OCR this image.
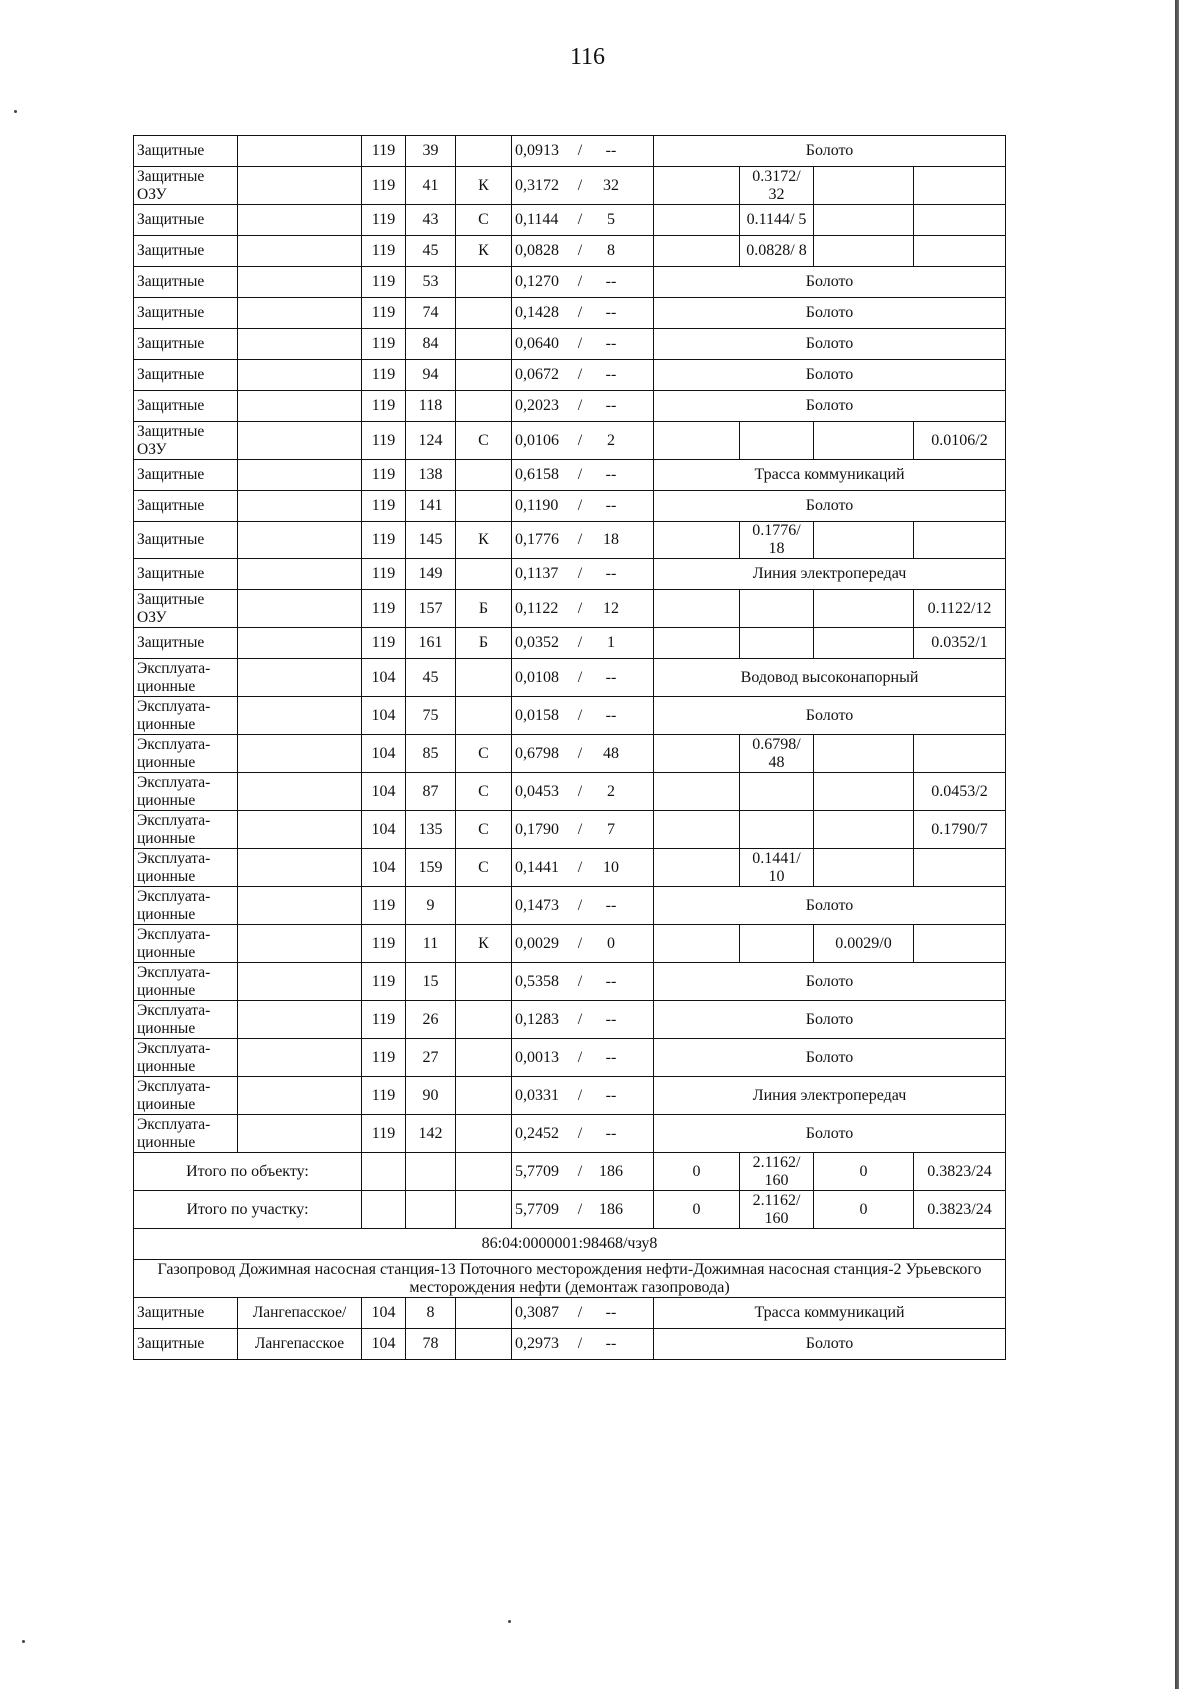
116
Защитные		119	39		0,0913 / --	Болото			
Защитные ОЗУ		119	41	К	0,3172 / 32		0.3172/ 32		
Защитные		119	43	С	0,1144 / 5		0.1144/ 5		
Защитные		119	45	К	0,0828 / 8		0.0828/ 8		
Защитные		119	53		0,1270 / --	Болото			
Защитные		119	74		0,1428 / --	Болото			
Защитные		119	84		0,0640 / --	Болото			
Защитные		119	94		0,0672 / --	Болото			
Защитные		119	118		0,2023 / --	Болото			
Защитные ОЗУ		119	124	С	0,0106 / 2				0.0106/2
Защитные		119	138		0,6158 / --	Трасса коммуникаций			
Защитные		119	141		0,1190 / --	Болото			
Защитные		119	145	К	0,1776 / 18		0.1776/ 18		
Защитные		119	149		0,1137 / --	Линия электропередач			
Защитные ОЗУ		119	157	Б	0,1122 / 12				0.1122/12
Защитные		119	161	Б	0,0352 / 1				0.0352/1
Эксплуата- ционные		104	45		0,0108 / --	Водовод высоконапорный			
Эксплуата- ционные		104	75		0,0158 / --	Болото			
Эксплуата- ционные		104	85	С	0,6798 / 48		0.6798/ 48		
Эксплуата- ционные		104	87	С	0,0453 / 2				0.0453/2
Эксплуата- ционные		104	135	С	0,1790 / 7				0.1790/7
Эксплуата- ционные		104	159	С	0,1441 / 10		0.1441/ 10		
Эксплуата- ционные		119	9		0,1473 / --	Болото			
Эксплуата- ционные		119	11	К	0,0029 / 0			0.0029/0	
Эксплуата- ционные		119	15		0,5358 / --	Болото			
Эксплуата- ционные		119	26		0,1283 / --	Болото			
Эксплуата- ционные		119	27		0,0013 / --	Болото			
Эксплуата- циоиные		119	90		0,0331 / --	Линия электропередач			
Эксплуата- ционные		119	142		0,2452 / --	Болото			
Итого по объекту:					5,7709 / 186	0	2.1162/ 160	0	0.3823/24
Итого по участку:					5,7709 / 186	0	2.1162/ 160	0	0.3823/24
86:04:0000001:98468/чзу8									
Газопровод Дожимная насосная станция-13 Поточного месторождения нефти-Дожимная насосная станция-2 Урьевского месторождения нефти (демонтаж газопровода)									
Защитные	Лангепасское/	104	8		0,3087 / --	Трасса коммуникаций			
Защитные	Лангепасское	104	78		0,2973 / --	Болото			
